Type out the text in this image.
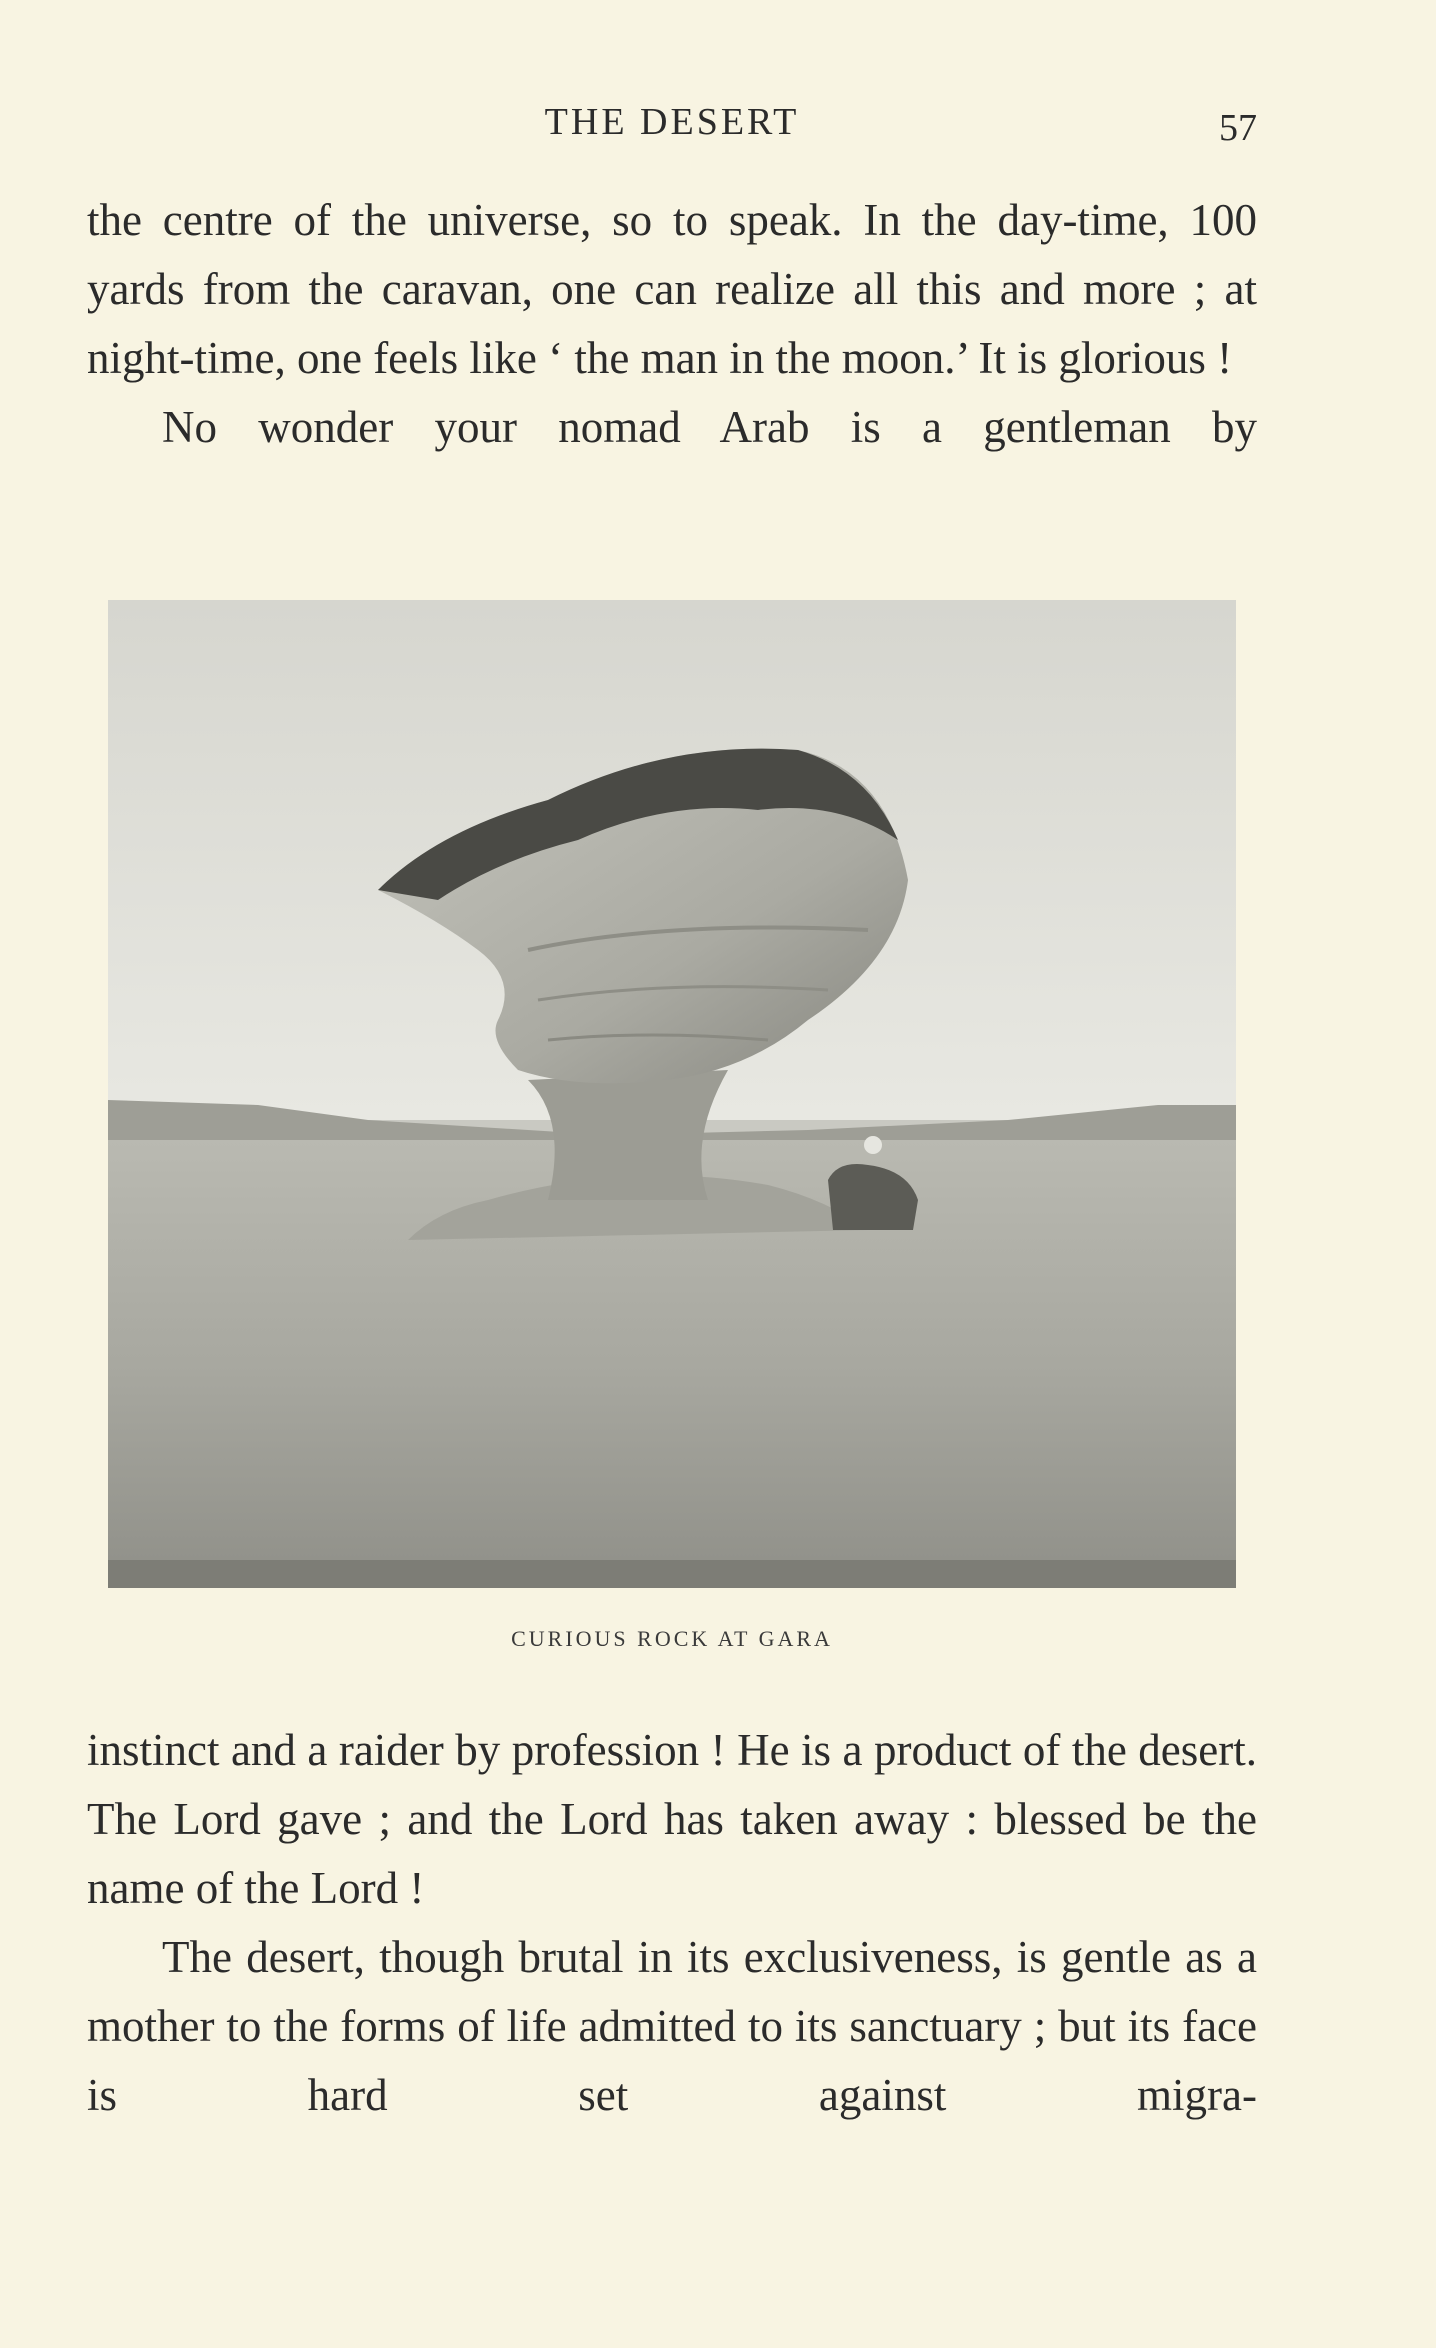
THE DESERT	57

the centre of the universe, so to speak. In the day-time, 100 yards from the caravan, one can realize all this and more ; at night-time, one feels like ‘ the man in the moon.’ It is glorious !

No wonder your nomad Arab is a gentleman by

CURIOUS ROCK AT GARA

instinct and a raider by profession ! He is a product of the desert. The Lord gave ; and the Lord has taken away : blessed be the name of the Lord !

The desert, though brutal in its exclusiveness, is gentle as a mother to the forms of life admitted to its sanctuary ; but its face is hard set against migra-
